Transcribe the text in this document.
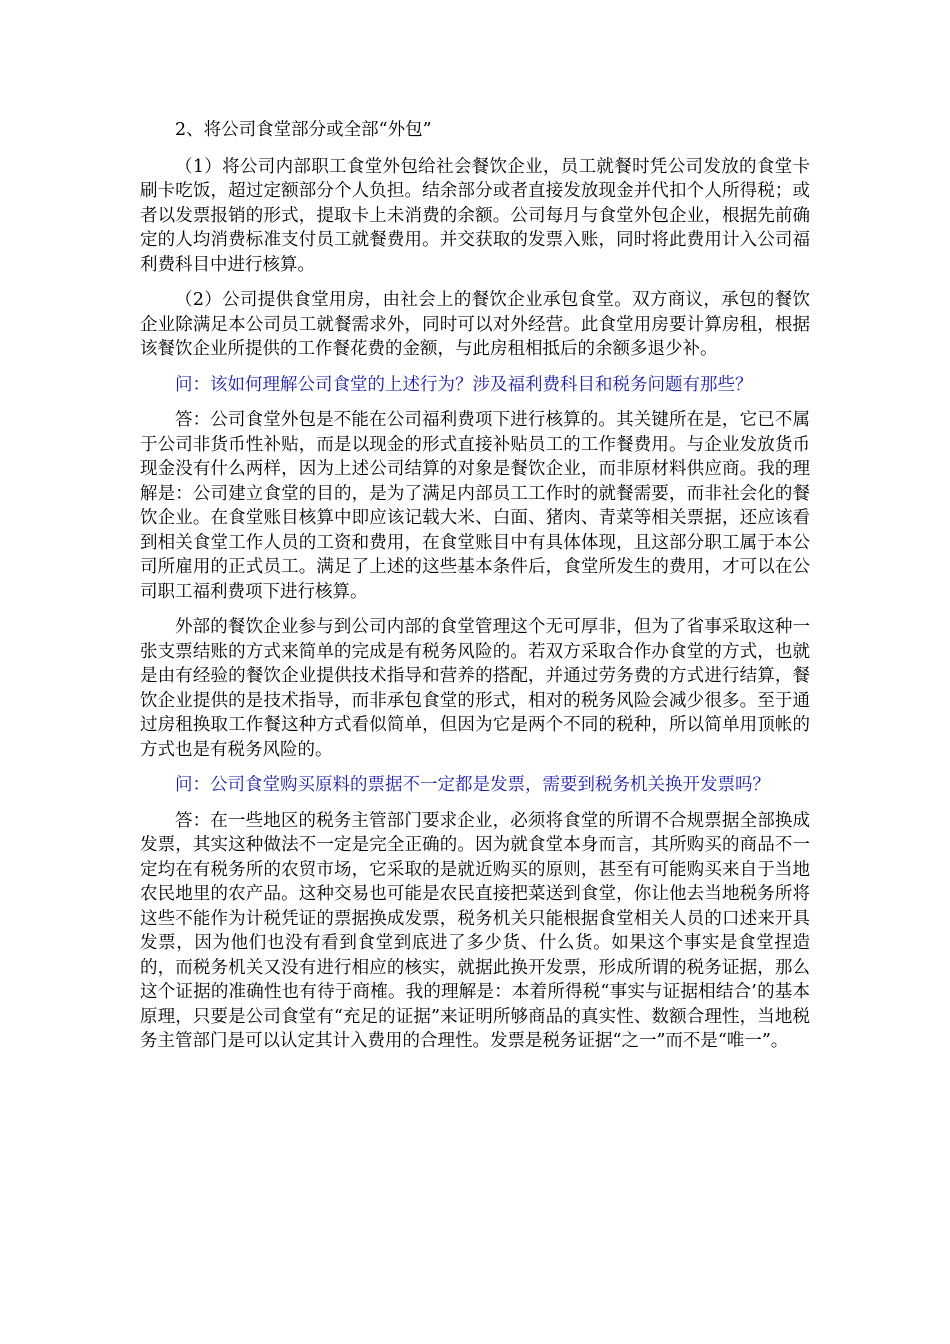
2、将公司食堂部分或全部“外包”

（1）将公司内部职工食堂外包给社会餐饮企业，员工就餐时凭公司发放的食堂卡刷卡吃饭，超过定额部分个人负担。结余部分或者直接发放现金并代扣个人所得税；或者以发票报销的形式，提取卡上未消费的余额。公司每月与食堂外包企业，根据先前确定的人均消费标准支付员工就餐费用。并交获取的发票入账，同时将此费用计入公司福利费科目中进行核算。

（2）公司提供食堂用房，由社会上的餐饮企业承包食堂。双方商议，承包的餐饮企业除满足本公司员工就餐需求外，同时可以对外经营。此食堂用房要计算房租，根据该餐饮企业所提供的工作餐花费的金额，与此房租相抵后的余额多退少补。

问：该如何理解公司食堂的上述行为？涉及福利费科目和税务问题有那些？

答：公司食堂外包是不能在公司福利费项下进行核算的。其关键所在是，它已不属于公司非货币性补贴，而是以现金的形式直接补贴员工的工作餐费用。与企业发放货币现金没有什么两样，因为上述公司结算的对象是餐饮企业，而非原材料供应商。我的理解是：公司建立食堂的目的，是为了满足内部员工工作时的就餐需要，而非社会化的餐饮企业。在食堂账目核算中即应该记载大米、白面、猪肉、青菜等相关票据，还应该看到相关食堂工作人员的工资和费用，在食堂账目中有具体体现，且这部分职工属于本公司所雇用的正式员工。满足了上述的这些基本条件后，食堂所发生的费用，才可以在公司职工福利费项下进行核算。

外部的餐饮企业参与到公司内部的食堂管理这个无可厚非，但为了省事采取这种一张支票结账的方式来简单的完成是有税务风险的。若双方采取合作办食堂的方式，也就是由有经验的餐饮企业提供技术指导和营养的搭配，并通过劳务费的方式进行结算，餐饮企业提供的是技术指导，而非承包食堂的形式，相对的税务风险会减少很多。至于通过房租换取工作餐这种方式看似简单，但因为它是两个不同的税种，所以简单用顶帐的方式也是有税务风险的。

问：公司食堂购买原料的票据不一定都是发票，需要到税务机关换开发票吗？

答：在一些地区的税务主管部门要求企业，必须将食堂的所谓不合规票据全部换成发票，其实这种做法不一定是完全正确的。因为就食堂本身而言，其所购买的商品不一定均在有税务所的农贸市场，它采取的是就近购买的原则，甚至有可能购买来自于当地农民地里的农产品。这种交易也可能是农民直接把菜送到食堂，你让他去当地税务所将这些不能作为计税凭证的票据换成发票，税务机关只能根据食堂相关人员的口述来开具发票，因为他们也没有看到食堂到底进了多少货、什么货。如果这个事实是食堂捏造的，而税务机关又没有进行相应的核实，就据此换开发票，形成所谓的税务证据，那么这个证据的准确性也有待于商榷。我的理解是：本着所得税“事实与证据相结合’的基本原理，只要是公司食堂有“充足的证据”来证明所够商品的真实性、数额合理性，当地税务主管部门是可以认定其计入费用的合理性。发票是税务证据“之一”而不是“唯一”。
